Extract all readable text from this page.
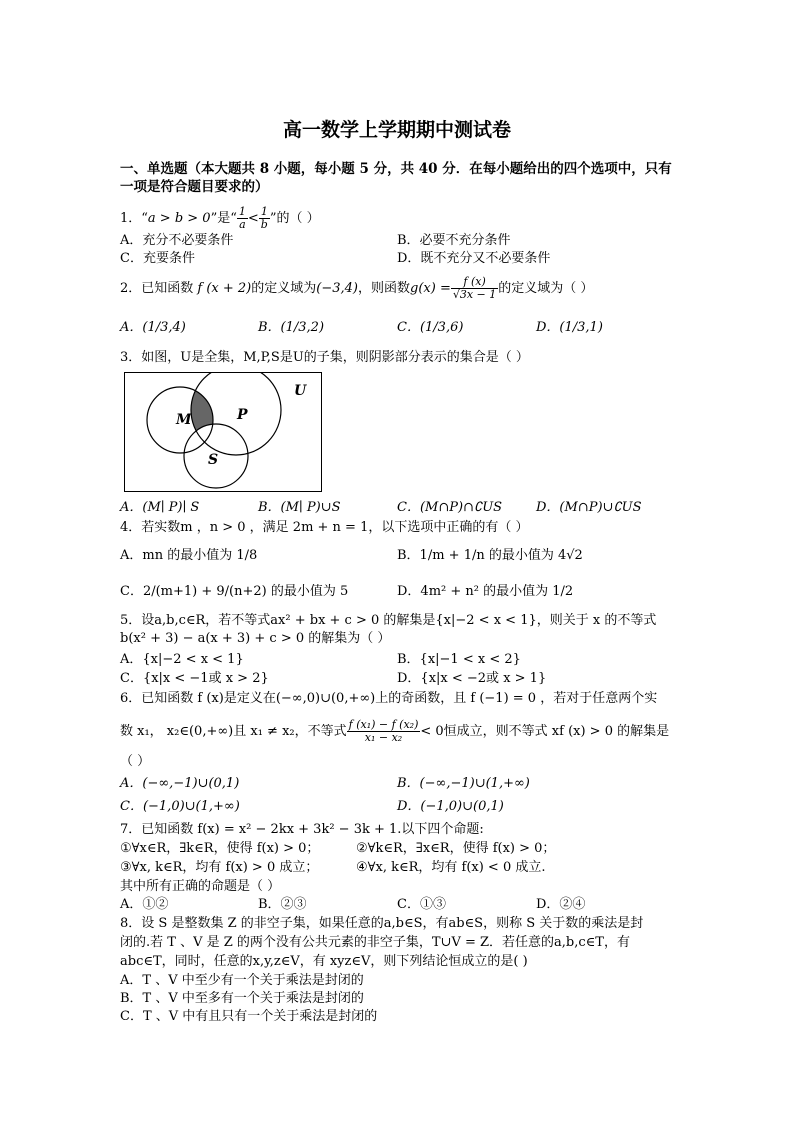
高一数学上学期期中测试卷
一、单选题（本大题共 8 小题，每小题 5 分，共 40 分．在每小题给出的四个选项中，只有
一项是符合题目要求的）
1．“a > b > 0”是“ $\frac{1}{a} < \frac{1}{b}$ ”的（ ）
A．充分不必要条件	B．必要不充分条件
C．充要条件	D．既不充分又不必要条件
2．已知函数 f (x + 2)的定义域为(−3,4)，则函数$g(x) = \frac{f (x)}{√3x - 1}$ 的定义域为（ ）
A．(1/3,4)	B．(1/3,2)	C．(1/3,6)	D．(1/3,1)
3．如图，U是全集，M,P,S是U的子集，则阴影部分表示的集合是（ ）
U
M	P
S
A．(M∣ P)∣ S	B．(M∣ P)∪S	C．(M∩P)∩∁US	D．(M∩P)∪∁US
4．若实数m ，n > 0 ，满足 2m + n = 1，以下选项中正确的有（ ）
A．mn 的最小值为 1/8	B．1/m + 1/n 的最小值为 4√2
C．2/(m+1) + 9/(n+2) 的最小值为 5	D．4m² + n² 的最小值为 1/2
5．设a,b,c∈R，若不等式ax² + bx + c > 0 的解集是{x|−2 < x < 1}，则关于 x 的不等式
b(x² + 3) − a(x + 3) + c > 0 的解集为（ ）
A．{x|−2 < x < 1}	B．{x|−1 < x < 2}
C．{x|x < −1或 x > 2}	D．{x|x < −2或 x > 1}
6．已知函数 f (x)是定义在(−∞,0)∪(0,+∞)上的奇函数，且 f (−1) = 0 ，若对于任意两个实
数 x₁， x₂∈(0,+∞)且 x₁ ≠ x₂，不等式 $\frac{\text{f (x₁) − f (x₂)}}{\text{x₁ − x₂}} < 0$恒成立，则不等式 xf (x) > 0 的解集是
（ ）
A．(−∞,−1)∪(0,1)	B．(−∞,−1)∪(1,+∞)
C．(−1,0)∪(1,+∞)	D．(−1,0)∪(0,1)
7．已知函数 f(x) = x² − 2kx + 3k² − 3k + 1.以下四个命题:
①∀x∈R，∃k∈R，使得 f(x) > 0；	②∀k∈R，∃x∈R，使得 f(x) > 0；
③∀x, k∈R，均有 f(x) > 0 成立；	④∀x, k∈R，均有 f(x) < 0 成立.
其中所有正确的命题是（ ）
A．①②	B．②③	C．①③	D．②④
8．设 S 是整数集 Z 的非空子集，如果任意的a,b∈S，有ab∈S，则称 S 关于数的乘法是封
闭的.若 T 、V 是 Z 的两个没有公共元素的非空子集，T∪V = Z．若任意的a,b,c∈T，有
abc∈T，同时，任意的x,y,z∈V，有 xyz∈V，则下列结论恒成立的是( )
A．T 、V 中至少有一个关于乘法是封闭的
B．T 、V 中至多有一个关于乘法是封闭的
C．T 、V 中有且只有一个关于乘法是封闭的
